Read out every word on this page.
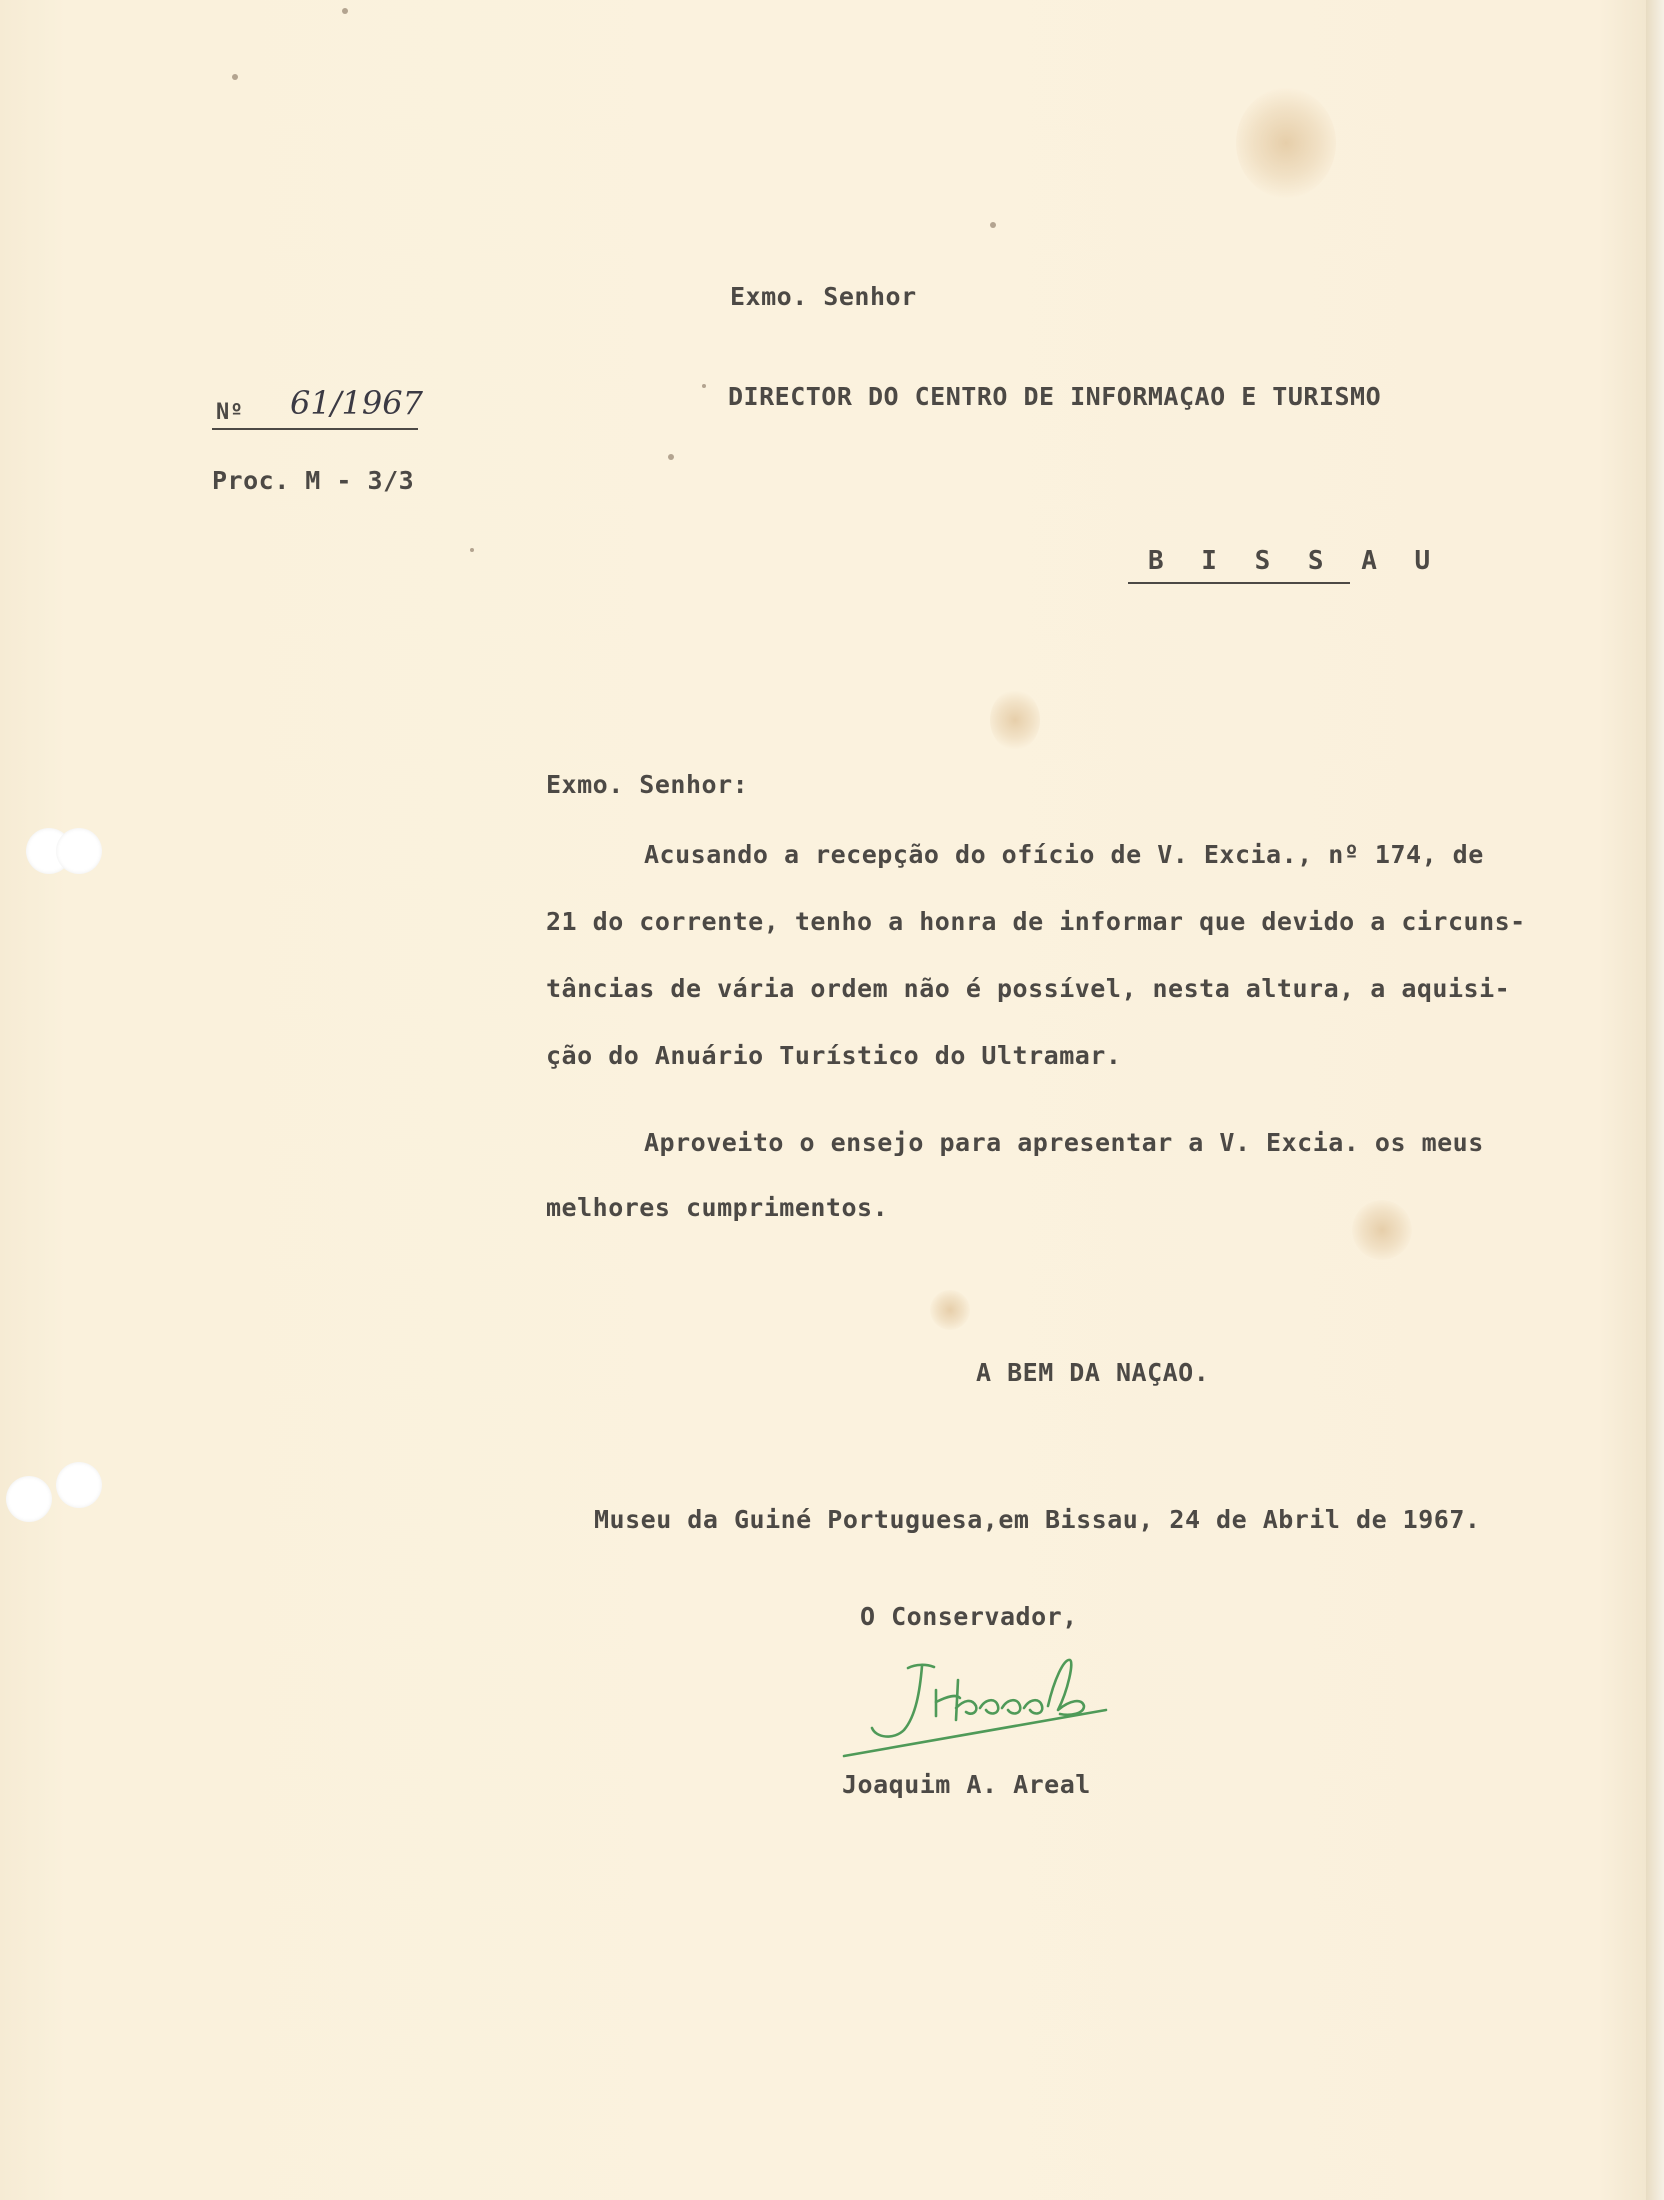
Exmo. Senhor
DIRECTOR DO CENTRO DE INFORMAÇAO E TURISMO
B I S S A U
Nº 61/1967
Proc. M - 3/3
Exmo. Senhor:
Acusando a recepção do ofício de V. Excia., nº 174, de
21 do corrente, tenho a honra de informar que devido a circuns-
tâncias de vária ordem não é possível, nesta altura, a aquisi-
ção do Anuário Turístico do Ultramar.
Aproveito o ensejo para apresentar a V. Excia. os meus
melhores cumprimentos.
A BEM DA NAÇAO.
Museu da Guiné Portuguesa,em Bissau, 24 de Abril de 1967.
O Conservador,
Joaquim A. Areal
